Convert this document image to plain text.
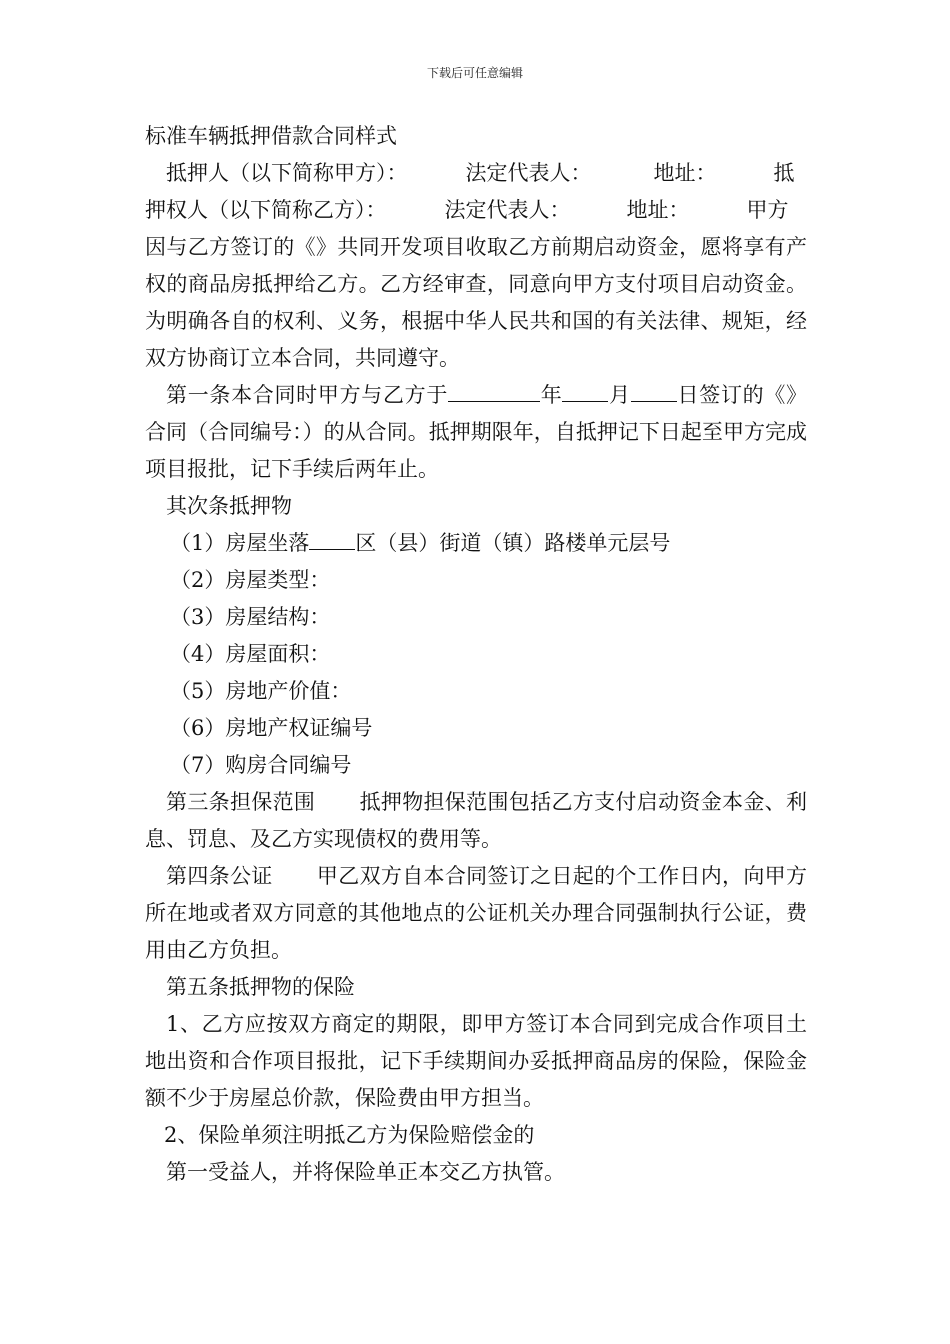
下载后可任意编辑

标准车辆抵押借款合同样式

抵押人（以下简称甲方）：	法定代表人：	地址：	抵

押权人（以下简称乙方）：	法定代表人：	地址：	甲方

因与乙方签订的《》共同开发项目收取乙方前期启动资金，愿将享有产权的商品房抵押给乙方。乙方经审查，同意向甲方支付项目启动资金。为明确各自的权利、义务，根据中华人民共和国的有关法律、规矩，经双方协商订立本合同，共同遵守。

第一条本合同时甲方与乙方于	年 月 日签订的《》合同（合同编号：）的从合同。抵押期限年，自抵押记下日起至甲方完成项目报批，记下手续后两年止。

其次条抵押物

（1）房屋坐落 区（县）街道（镇）路楼单元层号

（2）房屋类型：

（3）房屋结构：

（4）房屋面积：

（5）房地产价值：

（6）房地产权证编号

（7）购房合同编号

第三条担保范围 抵押物担保范围包括乙方支付启动资金本金、利息、罚息、及乙方实现债权的费用等。

第四条公证 甲乙双方自本合同签订之日起的个工作日内，向甲方所在地或者双方同意的其他地点的公证机关办理合同强制执行公证，费用由乙方负担。

第五条抵押物的保险

1、乙方应按双方商定的期限，即甲方签订本合同到完成合作项目土地出资和合作项目报批，记下手续期间办妥抵押商品房的保险，保险金额不少于房屋总价款，保险费由甲方担当。

2、保险单须注明抵乙方为保险赔偿金的

第一受益人，并将保险单正本交乙方执管。
